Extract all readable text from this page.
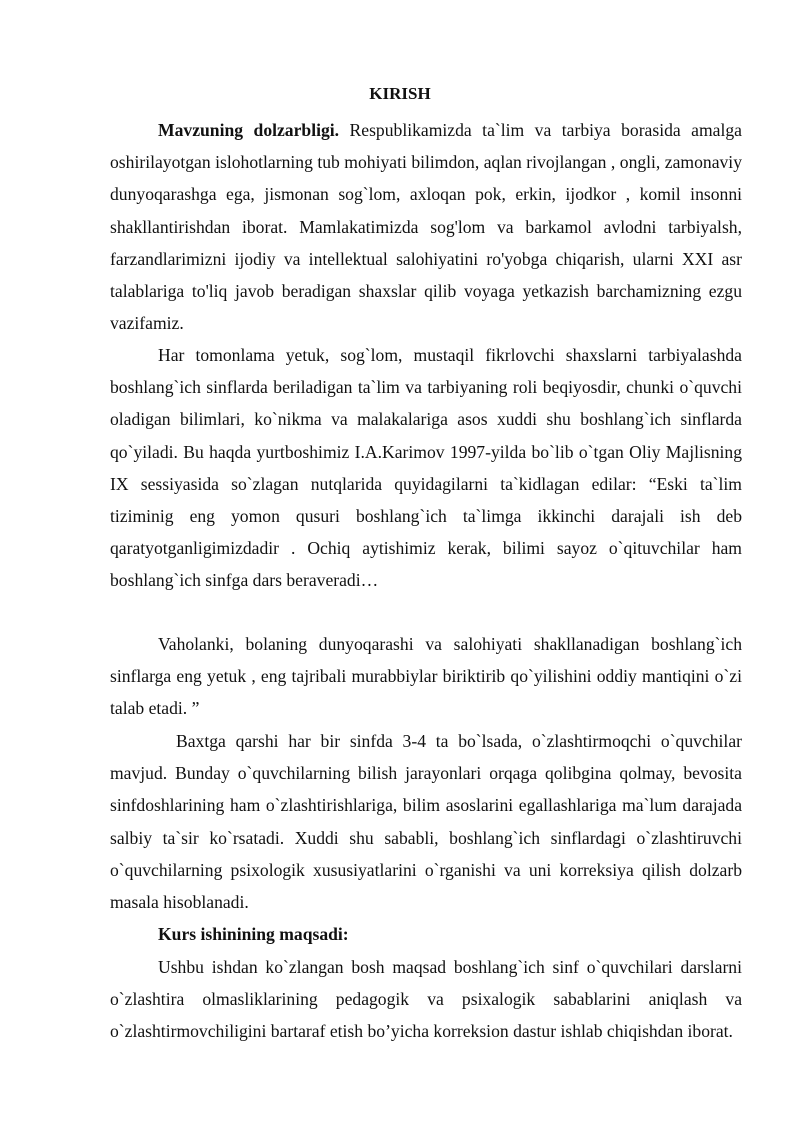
KIRISH

Mavzuning dolzarbligi. Respublikamizda ta`lim va tarbiya borasida amalga oshirilayotgan islohotlarning tub mohiyati bilimdon, aqlan rivojlangan , ongli, zamonaviy dunyoqarashga ega, jismonan sog`lom, axloqan pok, erkin, ijodkor , komil insonni shakllantirishdan iborat. Mamlakatimizda sog'lom va barkamol avlodni tarbiyalsh, farzandlarimizni ijodiy va intellektual salohiyatini ro'yobga chiqarish, ularni XXI asr talablariga to'liq javob beradigan shaxslar qilib voyaga yetkazish barchamizning ezgu vazifamiz.

Har tomonlama yetuk, sog`lom, mustaqil fikrlovchi shaxslarni tarbiyalashda boshlang`ich sinflarda beriladigan ta`lim va tarbiyaning roli beqiyosdir, chunki o`quvchi oladigan bilimlari, ko`nikma va malakalariga asos xuddi shu boshlang`ich sinflarda qo`yiladi. Bu haqda yurtboshimiz I.A.Karimov 1997-yilda bo`lib o`tgan Oliy Majlisning IX sessiyasida so`zlagan nutqlarida quyidagilarni ta`kidlagan edilar: “Eski ta`lim tiziminig eng yomon qusuri boshlang`ich ta`limga ikkinchi darajali ish deb qaratyotganligimizdadir . Ochiq aytishimiz kerak, bilimi sayoz o`qituvchilar ham boshlang`ich sinfga dars beraveradi…

Vaholanki, bolaning dunyoqarashi va salohiyati shakllanadigan boshlang`ich sinflarga eng yetuk , eng tajribali murabbiylar biriktirib qo`yilishini oddiy mantiqini o`zi talab etadi. ”

Baxtga qarshi har bir sinfda 3-4 ta bo`lsada, o`zlashtirmoqchi o`quvchilar mavjud. Bunday o`quvchilarning bilish jarayonlari orqaga qolibgina qolmay, bevosita sinfdoshlarining ham o`zlashtirishlariga, bilim asoslarini egallashlariga ma`lum darajada salbiy ta`sir ko`rsatadi. Xuddi shu sababli, boshlang`ich sinflardagi o`zlashtiruvchi o`quvchilarning psixologik xususiyatlarini o`rganishi va uni korreksiya qilish dolzarb masala hisoblanadi.

Kurs ishinining maqsadi:

Ushbu ishdan ko`zlangan bosh maqsad boshlang`ich sinf o`quvchilari darslarni o`zlashtira olmasliklarining pedagogik va psixalogik sabablarini aniqlash va o`zlashtirmovchiligini bartaraf etish bo’yicha korreksion dastur ishlab chiqishdan iborat.
